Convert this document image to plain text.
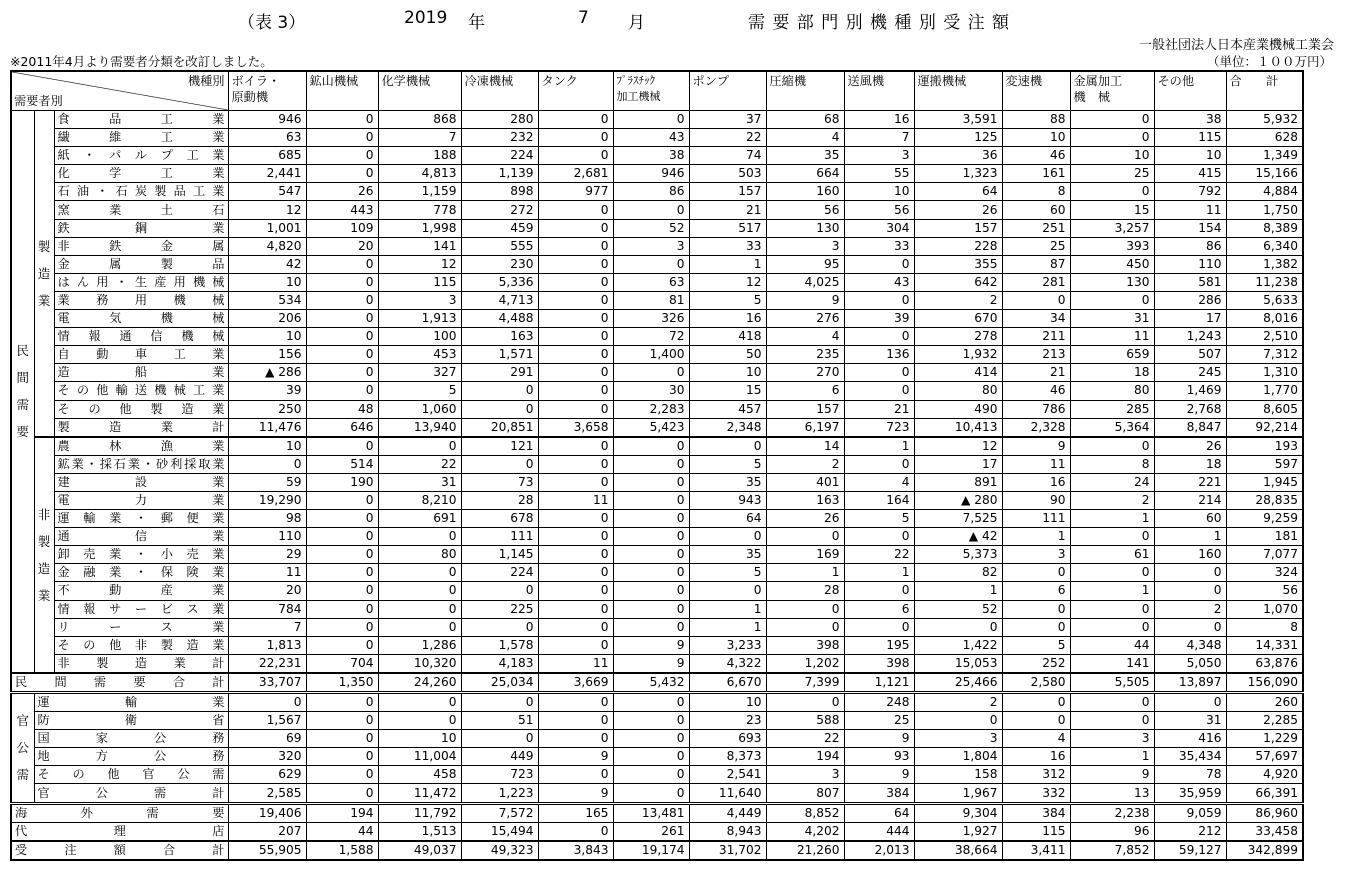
（表 3）	2019 年	7 月	需 要 部 門 別 機 種 別 受 注 額
一般社団法人日本産業機械工業会
※2011年4月より需要者分類を改訂しました。	（単位：１００万円）
機種別
需要者別			ボイラ・
原動機	鉱山機械	化学機械	冷凍機械	タンク	ﾌﾟﾗｽﾁｯｸ
加工機械	ポンプ	圧縮機	送風機	運搬機械	変速機	金属加工
機　械	その他	合　　計
民間需要	製造業	食品工業	946	0	868	280	0	0	37	68	16	3,591	88	0	38	5,932
		繊維工業	63	0	7	232	0	43	22	4	7	125	10	0	115	628
		紙・パルプ工業	685	0	188	224	0	38	74	35	3	36	46	10	10	1,349
		化学工業	2,441	0	4,813	1,139	2,681	946	503	664	55	1,323	161	25	415	15,166
		石油・石炭製品工業	547	26	1,159	898	977	86	157	160	10	64	8	0	792	4,884
		窯業土石	12	443	778	272	0	0	21	56	56	26	60	15	11	1,750
		鉄鋼業	1,001	109	1,998	459	0	52	517	130	304	157	251	3,257	154	8,389
		非鉄金属	4,820	20	141	555	0	3	33	3	33	228	25	393	86	6,340
		金属製品	42	0	12	230	0	0	1	95	0	355	87	450	110	1,382
		はん用・生産用機械	10	0	115	5,336	0	63	12	4,025	43	642	281	130	581	11,238
		業務用機械	534	0	3	4,713	0	81	5	9	0	2	0	0	286	5,633
		電気機械	206	0	1,913	4,488	0	326	16	276	39	670	34	31	17	8,016
		情報通信機械	10	0	100	163	0	72	418	4	0	278	211	11	1,243	2,510
		自動車工業	156	0	453	1,571	0	1,400	50	235	136	1,932	213	659	507	7,312
		造船業	▲ 286	0	327	291	0	0	10	270	0	414	21	18	245	1,310
		その他輸送機械工業	39	0	5	0	0	30	15	6	0	80	46	80	1,469	1,770
		その他製造業	250	48	1,060	0	0	2,283	457	157	21	490	786	285	2,768	8,605
		製造業計	11,476	646	13,940	20,851	3,658	5,423	2,348	6,197	723	10,413	2,328	5,364	8,847	92,214
	非製造業	農林漁業	10	0	0	121	0	0	0	14	1	12	9	0	26	193
		鉱業・採石業・砂利採取業	0	514	22	0	0	0	5	2	0	17	11	8	18	597
		建設業	59	190	31	73	0	0	35	401	4	891	16	24	221	1,945
		電力業	19,290	0	8,210	28	11	0	943	163	164	▲ 280	90	2	214	28,835
		運輸業・郵便業	98	0	691	678	0	0	64	26	5	7,525	111	1	60	9,259
		通信業	110	0	0	111	0	0	0	0	0	▲ 42	1	0	1	181
		卸売業・小売業	29	0	80	1,145	0	0	35	169	22	5,373	3	61	160	7,077
		金融業・保険業	11	0	0	224	0	0	5	1	1	82	0	0	0	324
		不動産業	20	0	0	0	0	0	0	28	0	1	6	1	0	56
		情報サービス業	784	0	0	225	0	0	1	0	6	52	0	0	2	1,070
		リース業	7	0	0	0	0	0	1	0	0	0	0	0	0	8
		その他非製造業	1,813	0	1,286	1,578	0	9	3,233	398	195	1,422	5	44	4,348	14,331
		非製造業計	22,231	704	10,320	4,183	11	9	4,322	1,202	398	15,053	252	141	5,050	63,876
民間需要合計			33,707	1,350	24,260	25,034	3,669	5,432	6,670	7,399	1,121	25,466	2,580	5,505	13,897	156,090
官公需	運輸業		0	0	0	0	0	0	10	0	248	2	0	0	0	260
	防衛省		1,567	0	0	51	0	0	23	588	25	0	0	0	31	2,285
	国家公務		69	0	10	0	0	0	693	22	9	3	4	3	416	1,229
	地方公務		320	0	11,004	449	9	0	8,373	194	93	1,804	16	1	35,434	57,697
	その他官公需		629	0	458	723	0	0	2,541	3	9	158	312	9	78	4,920
	官公需計		2,585	0	11,472	1,223	9	0	11,640	807	384	1,967	332	13	35,959	66,391
海外需要			19,406	194	11,792	7,572	165	13,481	4,449	8,852	64	9,304	384	2,238	9,059	86,960
代理店			207	44	1,513	15,494	0	261	8,943	4,202	444	1,927	115	96	212	33,458
受注額合計			55,905	1,588	49,037	49,323	3,843	19,174	31,702	21,260	2,013	38,664	3,411	7,852	59,127	342,899
